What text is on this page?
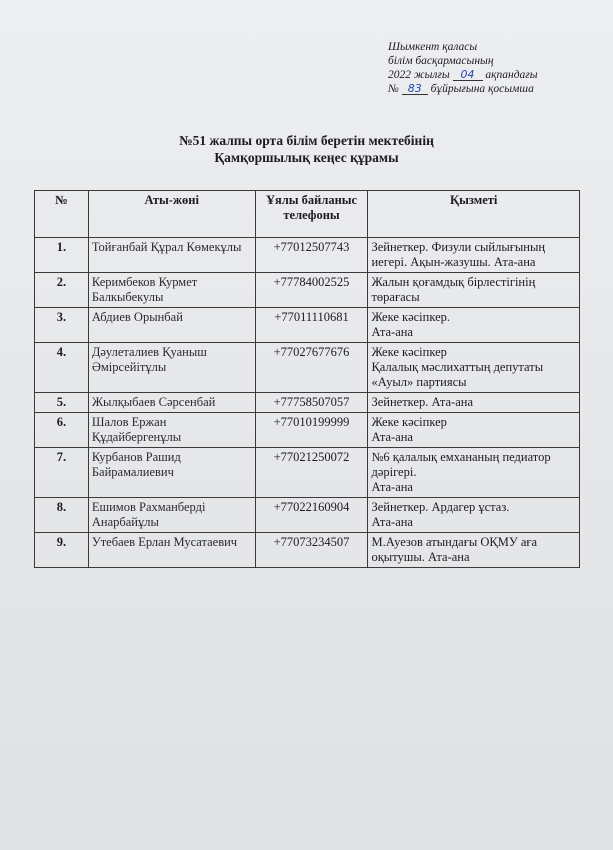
Шымкент қаласы
білім басқармасының
2022 жылғы 04 ақпандағы
№ 83 бұйрығына қосымша
№51 жалпы орта білім беретін мектебінің
Қамқоршылық кеңес құрамы
№	Аты-жөні	Ұялы байланыс телефоны	Қызметі
1.	Тойғанбай Құрал Көмекұлы	+77012507743	Зейнеткер. Физули сыйлығының иегері. Ақын-жазушы. Ата-ана
2.	Керимбеков Курмет Балкыбекулы	+77784002525	Жалын қоғамдық бірлестігінің төрағасы
3.	Абдиев Орынбай	+77011110681	Жеке кәсіпкер.
Ата-ана
4.	Дәулеталиев Қуаныш Әмірсейітұлы	+77027677676	Жеке кәсіпкер
Қалалық мәслихаттың депутаты «Ауыл» партиясы
5.	Жылқыбаев Сәрсенбай	+77758507057	Зейнеткер. Ата-ана
6.	Шалов Ержан Құдайбергенұлы	+77010199999	Жеке кәсіпкер
Ата-ана
7.	Курбанов Рашид Байрамалиевич	+77021250072	№6 қалалық емхананың педиатор дәрігері.
Ата-ана
8.	Ешимов Рахманберді Анарбайұлы	+77022160904	Зейнеткер. Ардагер ұстаз.
Ата-ана
9.	Утебаев Ерлан Мусатаевич	+77073234507	М.Ауезов атындағы ОҚМУ аға оқытушы. Ата-ана
